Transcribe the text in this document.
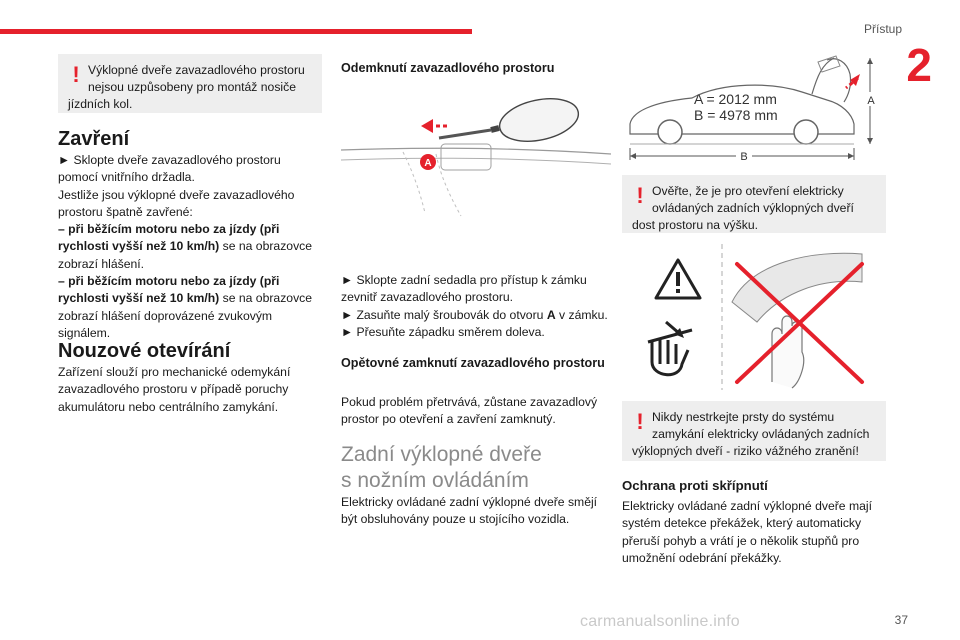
Přístup
2
! Výklopné dveře zavazadlového prostoru nejsou uzpůsobeny pro montáž nosiče jízdních kol.
Zavření
► Sklopte dveře zavazadlového prostoru pomocí vnitřního držadla.
Jestliže jsou výklopné dveře zavazadlového prostoru špatně zavřené:
– při běžícím motoru nebo za jízdy (při rychlosti vyšší než 10 km/h) se na obrazovce zobrazí hlášení.
– při běžícím motoru nebo za jízdy (při rychlosti vyšší než 10 km/h) se na obrazovce zobrazí hlášení doprovázené zvukovým signálem.
Nouzové otevírání
Zařízení slouží pro mechanické odemykání zavazadlového prostoru v případě poruchy akumulátoru nebo centrálního zamykání.
Odemknutí zavazadlového prostoru
A
► Sklopte zadní sedadla pro přístup k zámku zevnitř zavazadlového prostoru.
► Zasuňte malý šroubovák do otvoru A v zámku.
► Přesuňte západku směrem doleva.
Opětovné zamknutí zavazadlového prostoru
Pokud problém přetrvává, zůstane zavazadlový prostor po otevření a zavření zamknutý.
Zadní výklopné dveře
s nožním ovládáním
Elektricky ovládané zadní výklopné dveře smějí být obsluhovány pouze u stojícího vozidla.
B
A
A = 2012 mm
B = 4978 mm
! Ověřte, že je pro otevření elektricky ovládaných zadních výklopných dveří dost prostoru na výšku.
! Nikdy nestrkejte prsty do systému zamykání elektricky ovládaných zadních výklopných dveří - riziko vážného zranění!
Ochrana proti skřípnutí
Elektricky ovládané zadní výklopné dveře mají systém detekce překážek, který automaticky přeruší pohyb a vrátí je o několik stupňů pro umožnění odebrání překážky.
carmanualsonline.info	37
